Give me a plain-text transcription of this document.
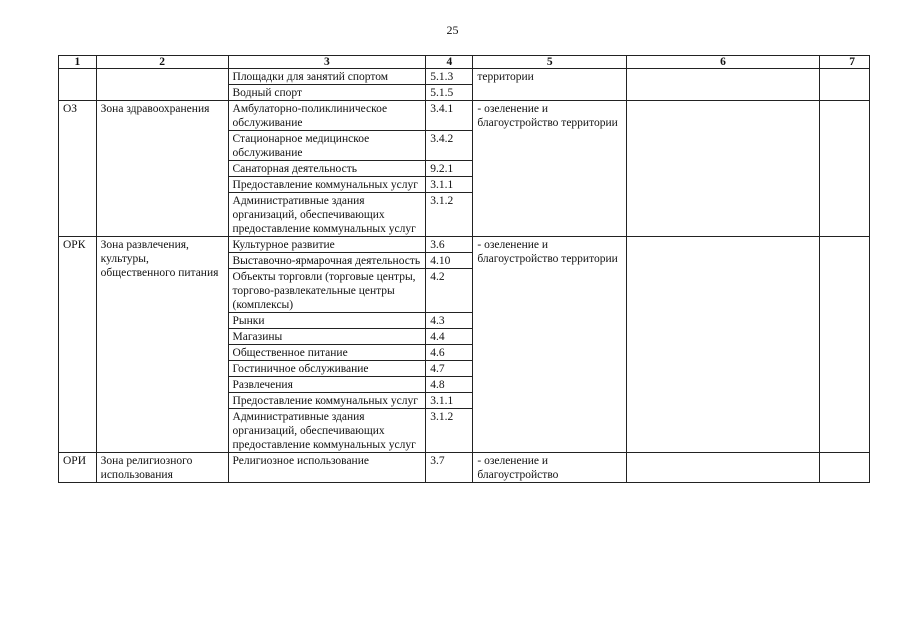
25
1	2	3	4	5	6	7
		Площадки для занятий спортом	5.1.3	территории		
		Водный спорт	5.1.5			
ОЗ	Зона здравоохранения	Амбулаторно-поликлиническое обслуживание	3.4.1	- озеленение и благоустройство территории		
		Стационарное медицинское обслуживание	3.4.2			
		Санаторная деятельность	9.2.1			
		Предоставление коммунальных услуг	3.1.1			
		Административные здания организаций, обеспечивающих предоставление коммунальных услуг	3.1.2			
ОРК	Зона развлечения, культуры, общественного питания	Культурное развитие	3.6	- озеленение и благоустройство территории		
		Выставочно-ярмарочная деятельность	4.10			
		Объекты торговли (торговые центры, торгово-развлекательные центры (комплексы)	4.2			
		Рынки	4.3			
		Магазины	4.4			
		Общественное питание	4.6			
		Гостиничное обслуживание	4.7			
		Развлечения	4.8			
		Предоставление коммунальных услуг	3.1.1			
		Административные здания организаций, обеспечивающих предоставление коммунальных услуг	3.1.2			
ОРИ	Зона религиозного использования	Религиозное использование	3.7	- озеленение и благоустройство		
